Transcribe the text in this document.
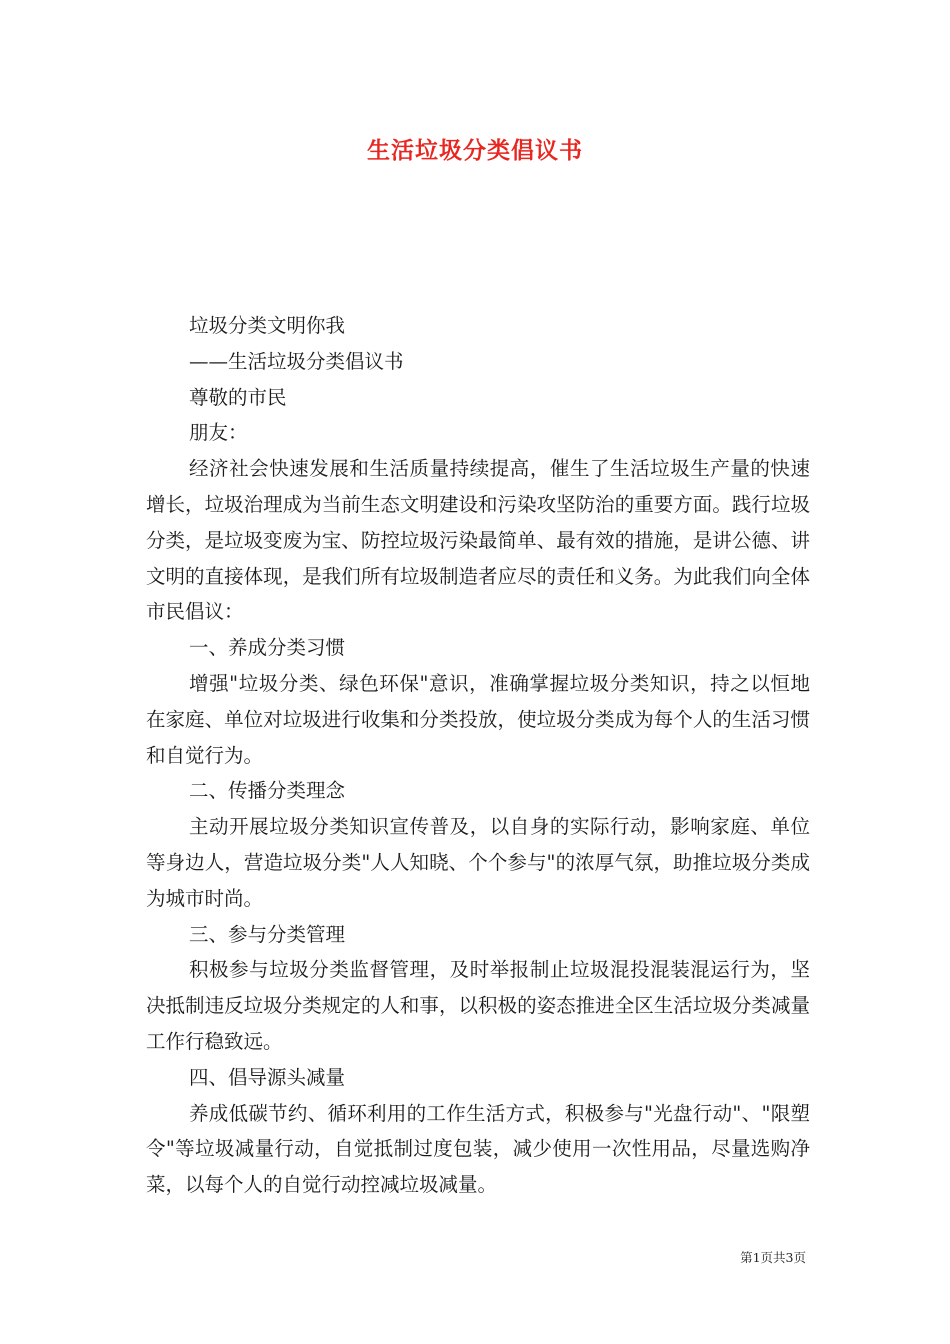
生活垃圾分类倡议书

垃圾分类文明你我

——生活垃圾分类倡议书

尊敬的市民

朋友：

经济社会快速发展和生活质量持续提高，催生了生活垃圾生产量的快速增长，垃圾治理成为当前生态文明建设和污染攻坚防治的重要方面。践行垃圾分类，是垃圾变废为宝、防控垃圾污染最简单、最有效的措施，是讲公德、讲文明的直接体现，是我们所有垃圾制造者应尽的责任和义务。为此我们向全体市民倡议：

一、养成分类习惯

增强"垃圾分类、绿色环保"意识，准确掌握垃圾分类知识，持之以恒地在家庭、单位对垃圾进行收集和分类投放，使垃圾分类成为每个人的生活习惯和自觉行为。

二、传播分类理念

主动开展垃圾分类知识宣传普及，以自身的实际行动，影响家庭、单位等身边人，营造垃圾分类"人人知晓、个个参与"的浓厚气氛，助推垃圾分类成为城市时尚。

三、参与分类管理

积极参与垃圾分类监督管理，及时举报制止垃圾混投混装混运行为，坚决抵制违反垃圾分类规定的人和事，以积极的姿态推进全区生活垃圾分类减量工作行稳致远。

四、倡导源头减量

养成低碳节约、循环利用的工作生活方式，积极参与"光盘行动"、"限塑令"等垃圾减量行动，自觉抵制过度包装，减少使用一次性用品，尽量选购净菜，以每个人的自觉行动控减垃圾减量。

第1页共3页
